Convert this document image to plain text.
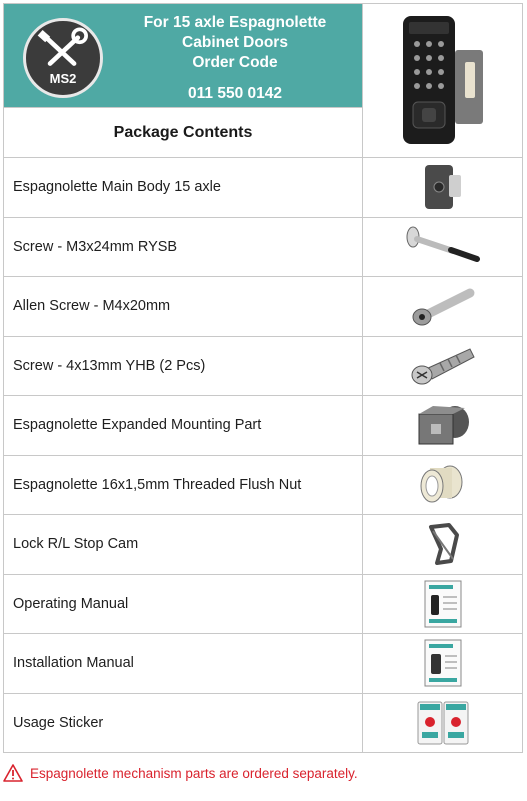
MS2
For 15 axle Espagnolette
Cabinet Doors
Order Code
011 550 0142
Package Contents
Espagnolette Main Body 15 axle
Screw - M3x24mm RYSB
Allen Screw - M4x20mm
Screw - 4x13mm YHB (2 Pcs)
Espagnolette Expanded Mounting Part
Espagnolette 16x1,5mm Threaded Flush Nut
Lock R/L Stop Cam
Operating Manual
Installation Manual
Usage Sticker
Espagnolette mechanism parts are ordered separately.
